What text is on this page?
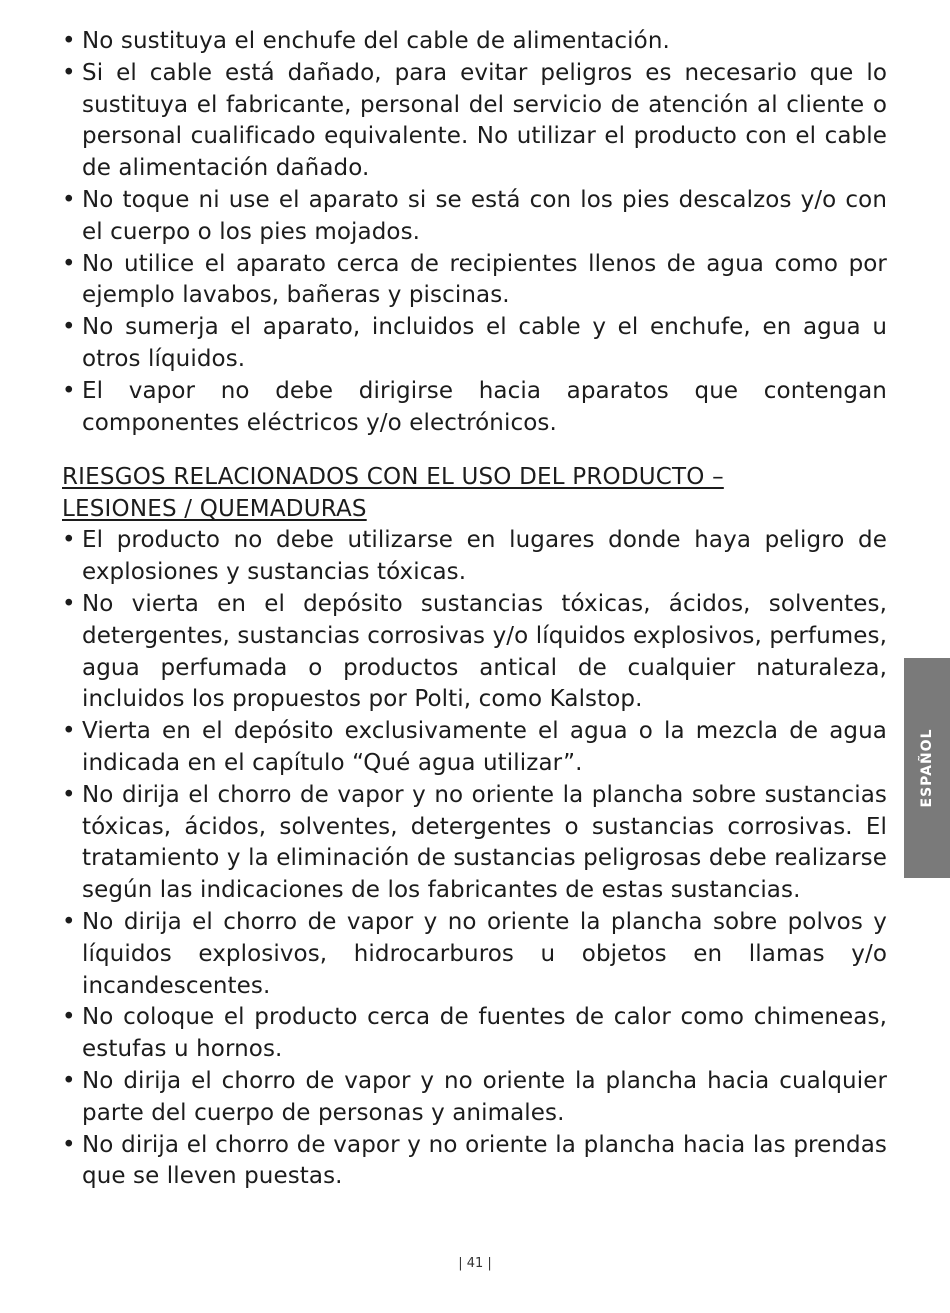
• No sustituya el enchufe del cable de alimentación.
• Si el cable está dañado, para evitar peligros es necesario que lo sustituya el fabricante, personal del servicio de atención al cliente o personal cualificado equivalente. No utilizar el producto con el cable de alimentación dañado.
• No toque ni use el aparato si se está con los pies descalzos y/o con el cuerpo o los pies mojados.
• No utilice el aparato cerca de recipientes llenos de agua como por ejemplo lavabos, bañeras y piscinas.
• No sumerja el aparato, incluidos el cable y el enchufe, en agua u otros líquidos.
• El vapor no debe dirigirse hacia aparatos que contengan componentes eléctricos y/o electrónicos.
RIESGOS RELACIONADOS CON EL USO DEL PRODUCTO –
LESIONES / QUEMADURAS
• El producto no debe utilizarse en lugares donde haya peligro de explosiones y sustancias tóxicas.
• No vierta en el depósito sustancias tóxicas, ácidos, solventes, detergentes, sustancias corrosivas y/o líquidos explosivos, perfumes, agua perfumada o productos antical de cualquier naturaleza, incluidos los propuestos por Polti, como Kalstop.
• Vierta en el depósito exclusivamente el agua o la mezcla de agua indicada en el capítulo “Qué agua utilizar”.
• No dirija el chorro de vapor y no oriente la plancha sobre sustancias tóxicas, ácidos, solventes, detergentes o sustancias corrosivas. El tratamiento y la eliminación de sustancias peligrosas debe realizarse según las indicaciones de los fabricantes de estas sustancias.
• No dirija el chorro de vapor y no oriente la plancha sobre polvos y líquidos explosivos, hidrocarburos u objetos en llamas y/o incandescentes.
• No coloque el producto cerca de fuentes de calor como chimeneas, estufas u hornos.
• No dirija el chorro de vapor y no oriente la plancha hacia cualquier parte del cuerpo de personas y animales.
• No dirija el chorro de vapor y no oriente la plancha hacia las prendas que se lleven puestas.
ESPAÑOL
| 41 |
